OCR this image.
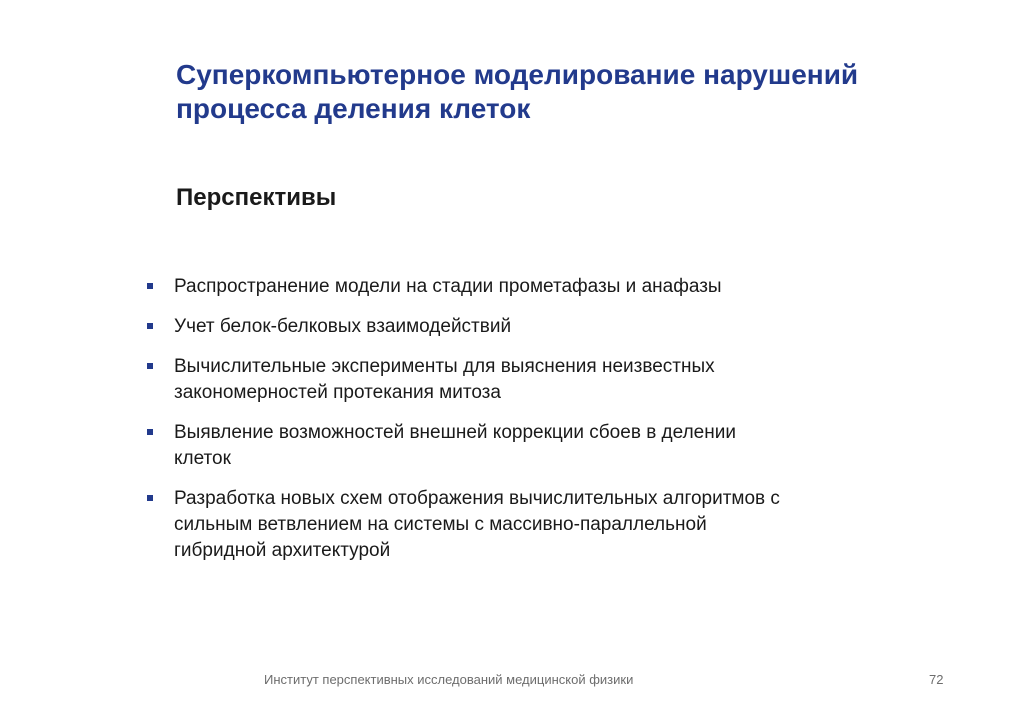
Суперкомпьютерное моделирование нарушений
процесса деления клеток
Перспективы
Распространение модели на стадии прометафазы и анафазы
Учет белок-белковых взаимодействий
Вычислительные эксперименты для выяснения неизвестных
закономерностей протекания митоза
Выявление возможностей внешней коррекции сбоев в делении
клеток
Разработка новых схем отображения вычислительных алгоритмов с
сильным ветвлением на системы с массивно-параллельной
гибридной архитектурой
Институт перспективных исследований медицинской физики	72
